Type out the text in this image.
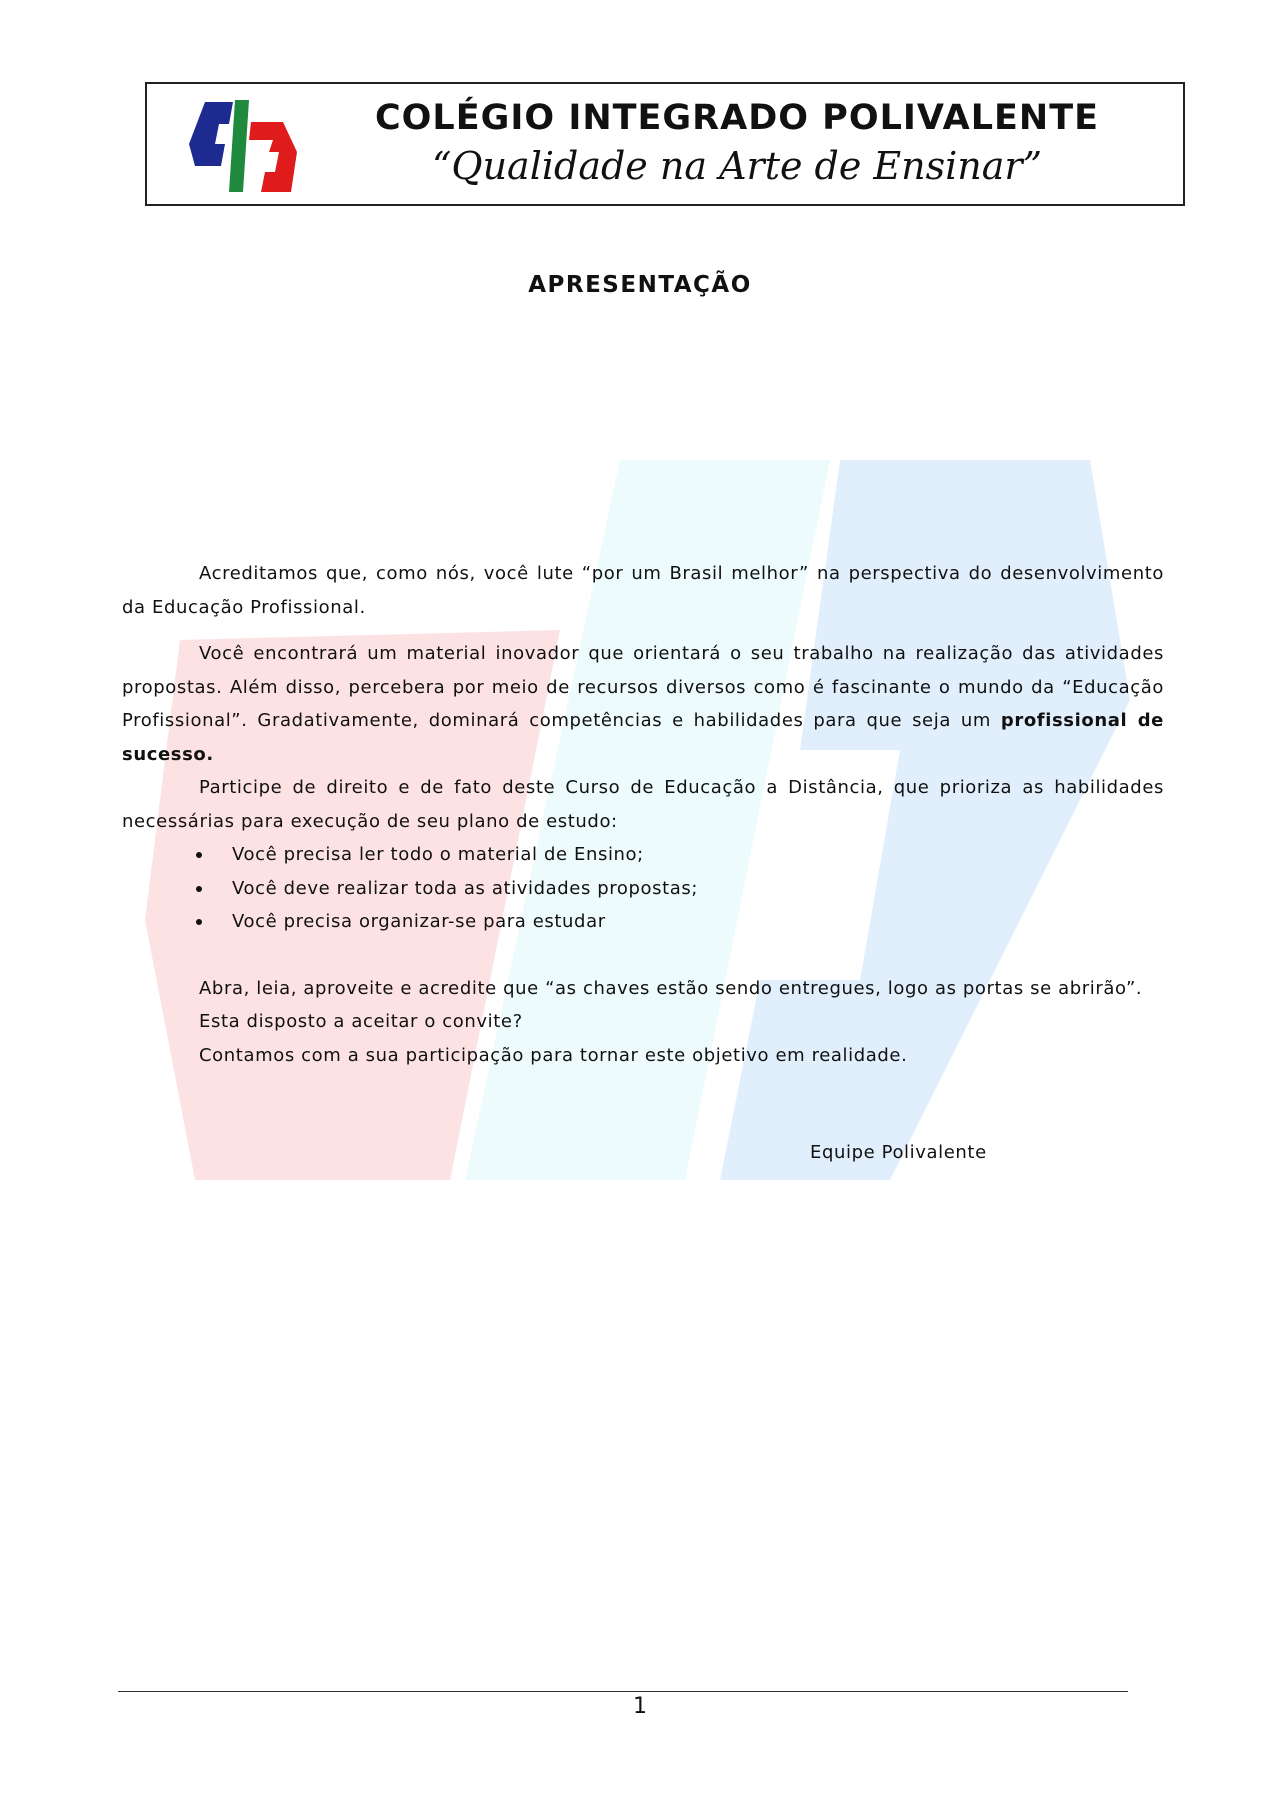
COLÉGIO INTEGRADO POLIVALENTE
“Qualidade na Arte de Ensinar”
APRESENTAÇÃO

Acreditamos que, como nós, você lute “por um Brasil melhor” na perspectiva do desenvolvimento da Educação Profissional.

Você encontrará um material inovador que orientará o seu trabalho na realização das atividades propostas. Além disso, percebera por meio de recursos diversos como é fascinante o mundo da “Educação Profissional”. Gradativamente, dominará competências e habilidades para que seja um profissional de sucesso.

Participe de direito e de fato deste Curso de Educação a Distância, que prioriza as habilidades necessárias para execução de seu plano de estudo:

Você precisa ler todo o material de Ensino;
Você deve realizar toda as atividades propostas;
Você precisa organizar-se para estudar

Abra, leia, aproveite e acredite que “as chaves estão sendo entregues, logo as portas se abrirão”.

Esta disposto a aceitar o convite?

Contamos com a sua participação para tornar este objetivo em realidade.

Equipe Polivalente
1
